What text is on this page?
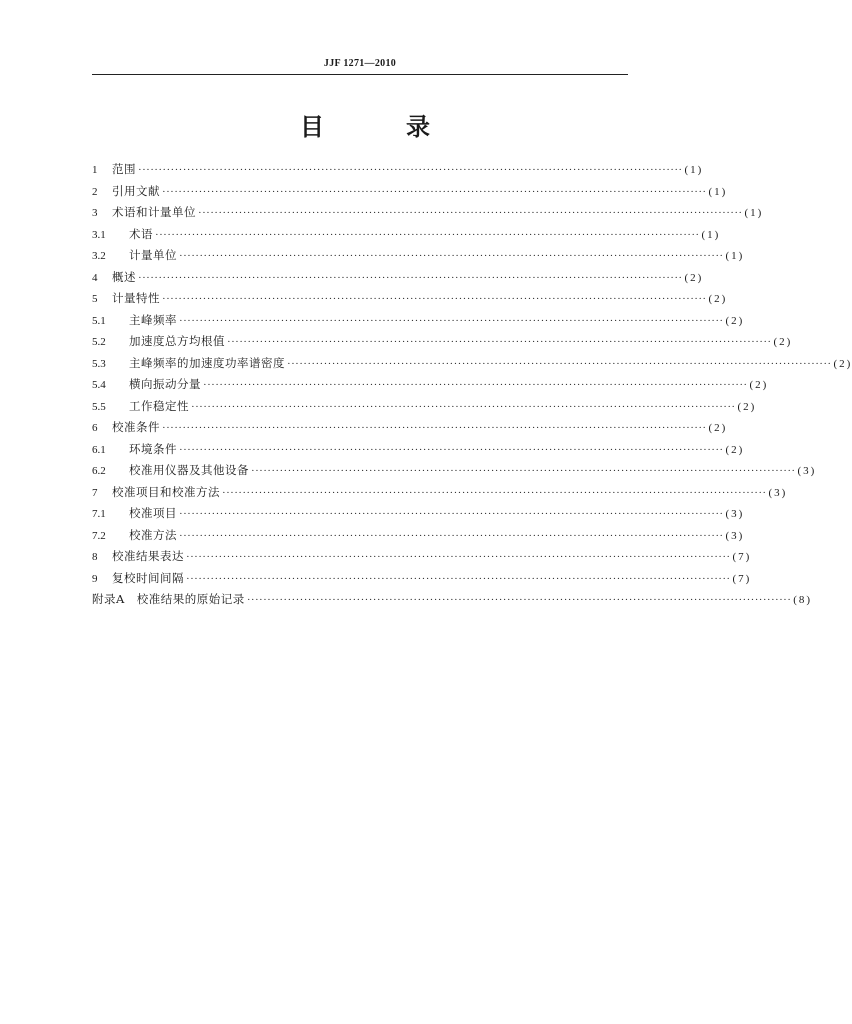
JJF 1271—2010
目	录
1	范围 ······································································································································ (1)
2	引用文献 ······································································································································ (1)
3	术语和计量单位 ······································································································································ (1)
3.1	术语 ······································································································································ (1)
3.2	计量单位 ······································································································································ (1)
4	概述 ······································································································································ (2)
5	计量特性 ······································································································································ (2)
5.1	主峰频率 ······································································································································ (2)
5.2	加速度总方均根值 ······································································································································ (2)
5.3	主峰频率的加速度功率谱密度 ······································································································································ (2)
5.4	横向振动分量 ······································································································································ (2)
5.5	工作稳定性 ······································································································································ (2)
6	校准条件 ······································································································································ (2)
6.1	环境条件 ······································································································································ (2)
6.2	校准用仪器及其他设备 ······································································································································ (3)
7	校准项目和校准方法 ······································································································································ (3)
7.1	校准项目 ······································································································································ (3)
7.2	校准方法 ······································································································································ (3)
8	校准结果表达 ······································································································································ (7)
9	复校时间间隔 ······································································································································ (7)
附录A　校准结果的原始记录 ······································································································································ (8)
